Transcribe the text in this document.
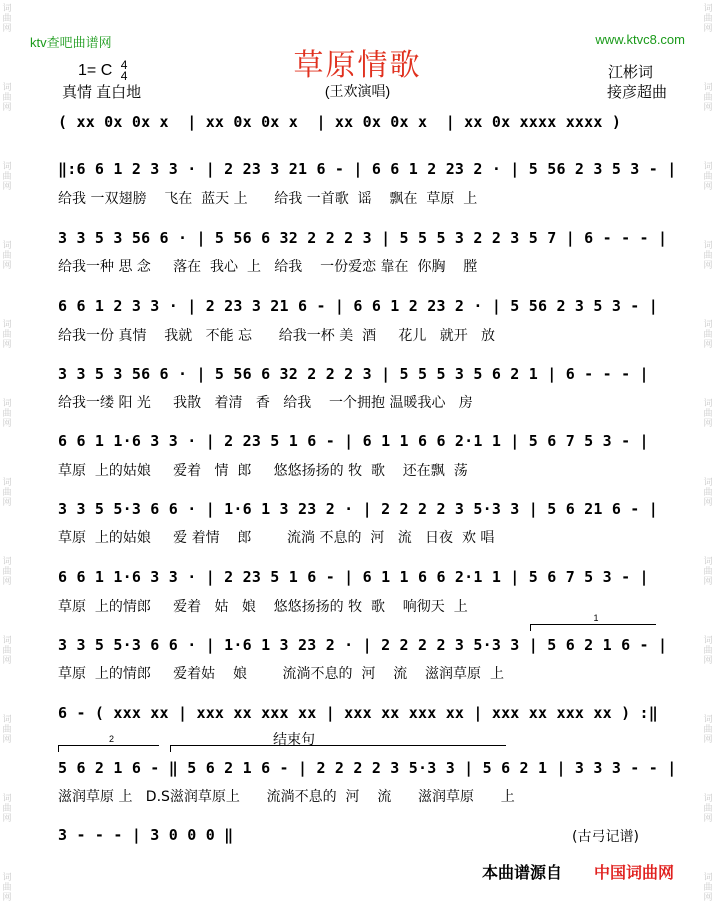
词
曲
网
词
曲
网
词
曲
网
词
曲
网
词
曲
网
词
曲
网
词
曲
网
词
曲
网
词
曲
网
词
曲
网
词
曲
网
词
曲
网
词
曲
网
词
曲
网
词
曲
网
词
曲
网
词
曲
网
词
曲
网
词
曲
网
词
曲
网
词
曲
网
词
曲
网
词
曲
网
词
曲
网
ktv查吧曲谱网	www.ktvc8.com
草原情歌
1= C 4
4
真情 直白地	(王欢演唱)
江彬词
接彦超曲
( xx 0x 0x x  | xx 0x 0x x  | xx 0x 0x x  | xx 0x xxxx xxxx )
‖:6 6 1 2 3 3 · | 2 23 3 21 6 - | 6 6 1 2 23 2 · | 5 56 2 3 5 3 - |
给我 一双翅膀    飞在  蓝天 上      给我 一首歌  谣    飘在  草原  上
3 3 5 3 56 6 · | 5 56 6 32 2 2 2 3 | 5 5 5 3 2 2 3 5 7 | 6 - - - |
给我一种 思 念     落在  我心  上   给我    一份爱恋 靠在  你胸    膛
6 6 1 2 3 3 · | 2 23 3 21 6 - | 6 6 1 2 23 2 · | 5 56 2 3 5 3 - |
给我一份 真情    我就   不能 忘      给我一杯 美  酒     花儿   就开   放
3 3 5 3 56 6 · | 5 56 6 32 2 2 2 3 | 5 5 5 3 5 6 2 1 | 6 - - - |
给我一缕 阳 光     我散   着清   香   给我    一个拥抱 温暖我心   房
6 6 1 1·6 3 3 · | 2 23 5 1 6 - | 6 1 1 6 6 2·1 1 | 5 6 7 5 3 - |
草原  上的姑娘     爱着   情  郎     悠悠扬扬的 牧  歌    还在飘  荡
3 3 5 5·3 6 6 · | 1·6 1 3 23 2 · | 2 2 2 2 3 5·3 3 | 5 6 21 6 - |
草原  上的姑娘     爱 着情    郎        流淌 不息的  河   流   日夜  欢 唱
6 6 1 1·6 3 3 · | 2 23 5 1 6 - | 6 1 1 6 6 2·1 1 | 5 6 7 5 3 - |
草原  上的情郎     爱着   姑   娘    悠悠扬扬的 牧  歌    响彻天  上
1
3 3 5 5·3 6 6 · | 1·6 1 3 23 2 · | 2 2 2 2 3 5·3 3 | 5 6 2 1 6 - |
草原  上的情郎     爱着姑    娘        流淌不息的  河    流    滋润草原  上
6 - ( xxx xx | xxx xx xxx xx | xxx xx xxx xx | xxx xx xxx xx ) :‖
结束句
2
5 6 2 1 6 - ‖ 5 6 2 1 6 - | 2 2 2 2 3 5·3 3 | 5 6 2 1 | 3 3 3 - - |
滋润草原 上   D.S滋润草原上      流淌不息的  河    流      滋润草原      上
3 - - - | 3 0 0 0 ‖	(古弓记谱)
本曲谱源自 中国词曲网
